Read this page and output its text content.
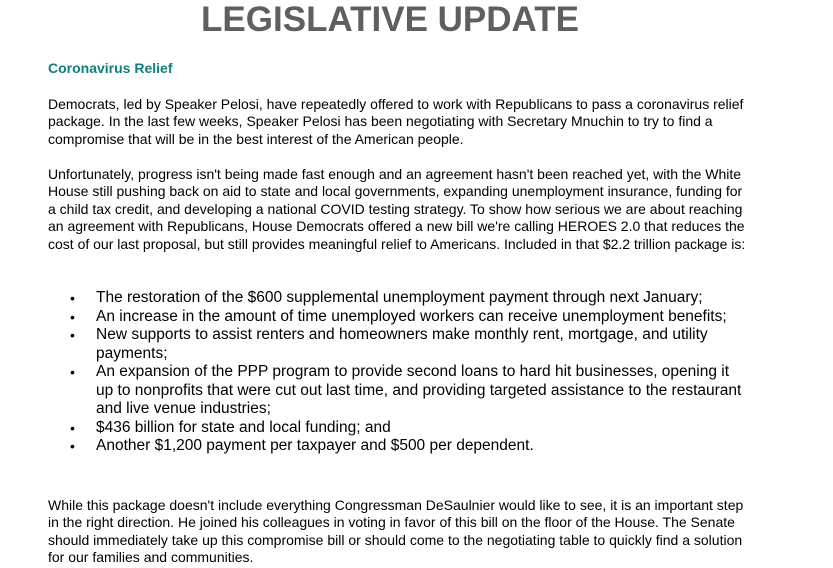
LEGISLATIVE UPDATE
Coronavirus Relief

Democrats, led by Speaker Pelosi, have repeatedly offered to work with Republicans to pass a coronavirus relief package. In the last few weeks, Speaker Pelosi has been negotiating with Secretary Mnuchin to try to find a compromise that will be in the best interest of the American people.

Unfortunately, progress isn't being made fast enough and an agreement hasn't been reached yet, with the White House still pushing back on aid to state and local governments, expanding unemployment insurance, funding for a child tax credit, and developing a national COVID testing strategy. To show how serious we are about reaching an agreement with Republicans, House Democrats offered a new bill we're calling HEROES 2.0 that reduces the cost of our last proposal, but still provides meaningful relief to Americans. Included in that $2.2 trillion package is:

• The restoration of the $600 supplemental unemployment payment through next January;
• An increase in the amount of time unemployed workers can receive unemployment benefits;
• New supports to assist renters and homeowners make monthly rent, mortgage, and utility payments;
• An expansion of the PPP program to provide second loans to hard hit businesses, opening it up to nonprofits that were cut out last time, and providing targeted assistance to the restaurant and live venue industries;
• $436 billion for state and local funding; and
• Another $1,200 payment per taxpayer and $500 per dependent.

While this package doesn't include everything Congressman DeSaulnier would like to see, it is an important step in the right direction. He joined his colleagues in voting in favor of this bill on the floor of the House. The Senate should immediately take up this compromise bill or should come to the negotiating table to quickly find a solution for our families and communities.
